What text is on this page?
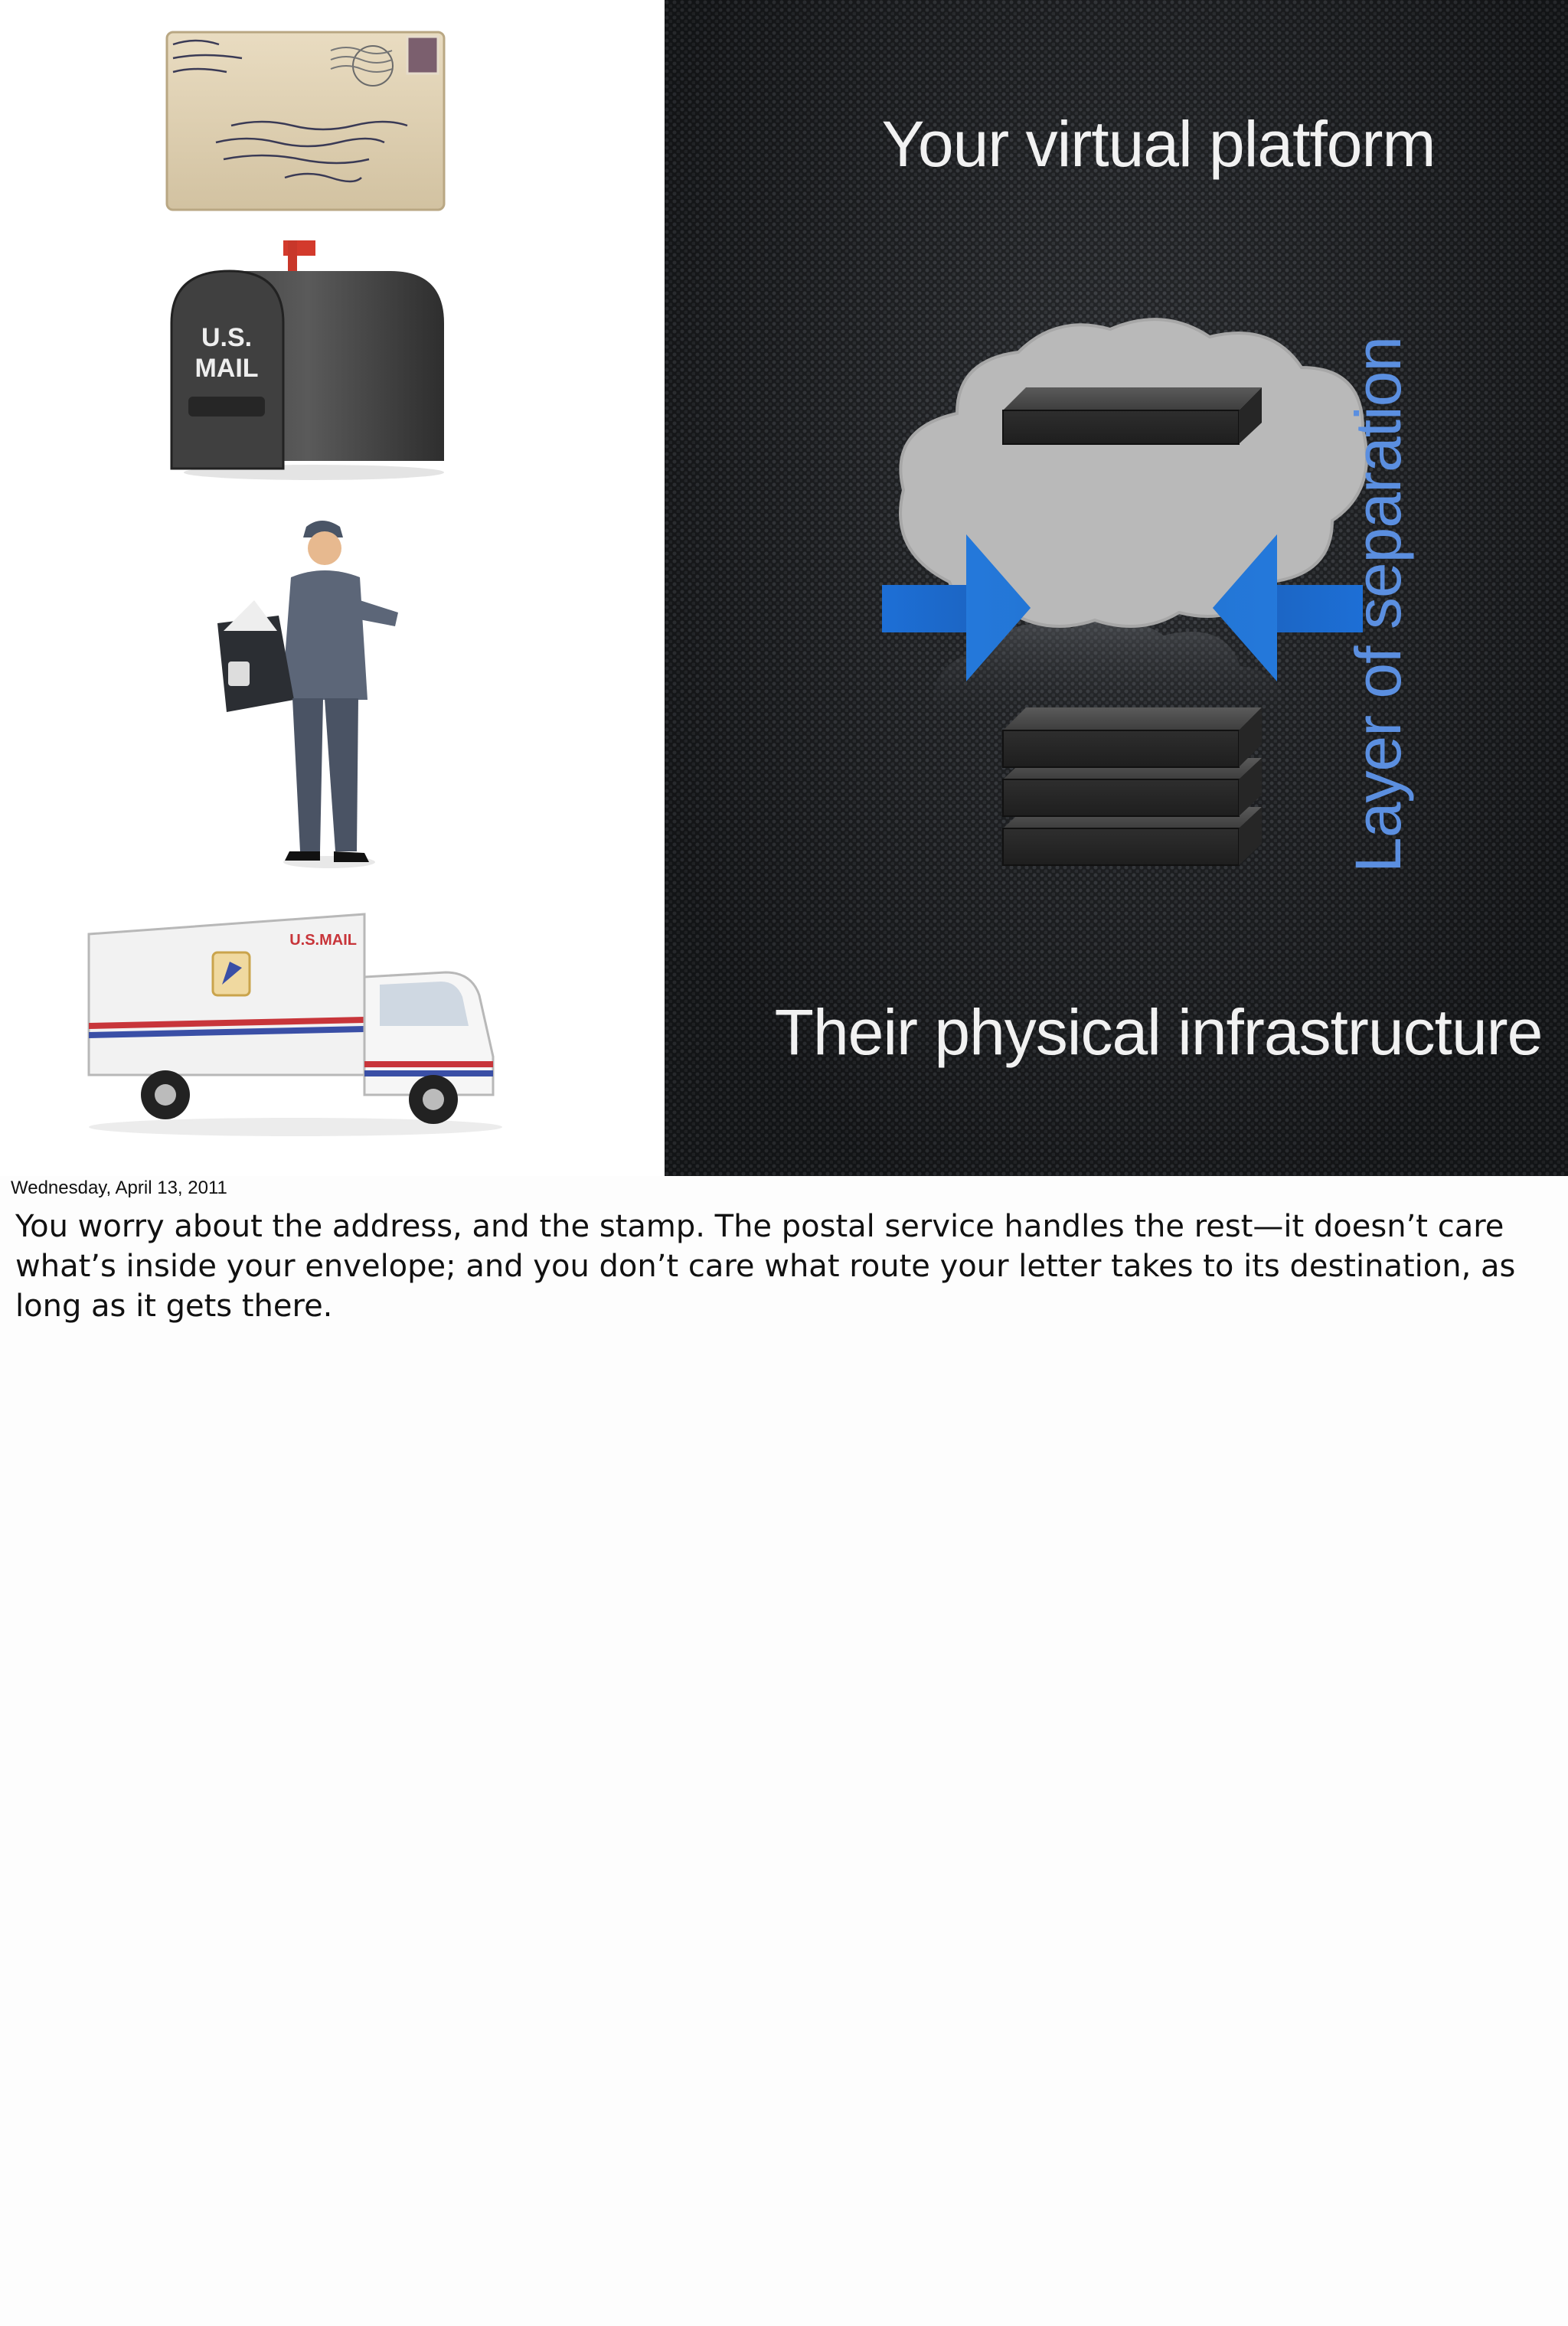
U.S.
MAIL
U.S.MAIL
Your virtual platform
Their physical infrastructure
Layer of separation
Wednesday, April 13, 2011

You worry about the address, and the stamp. The postal service handles the rest—it doesn’t care what’s inside your envelope; and you don’t care what route your letter takes to its destination, as long as it gets there.
